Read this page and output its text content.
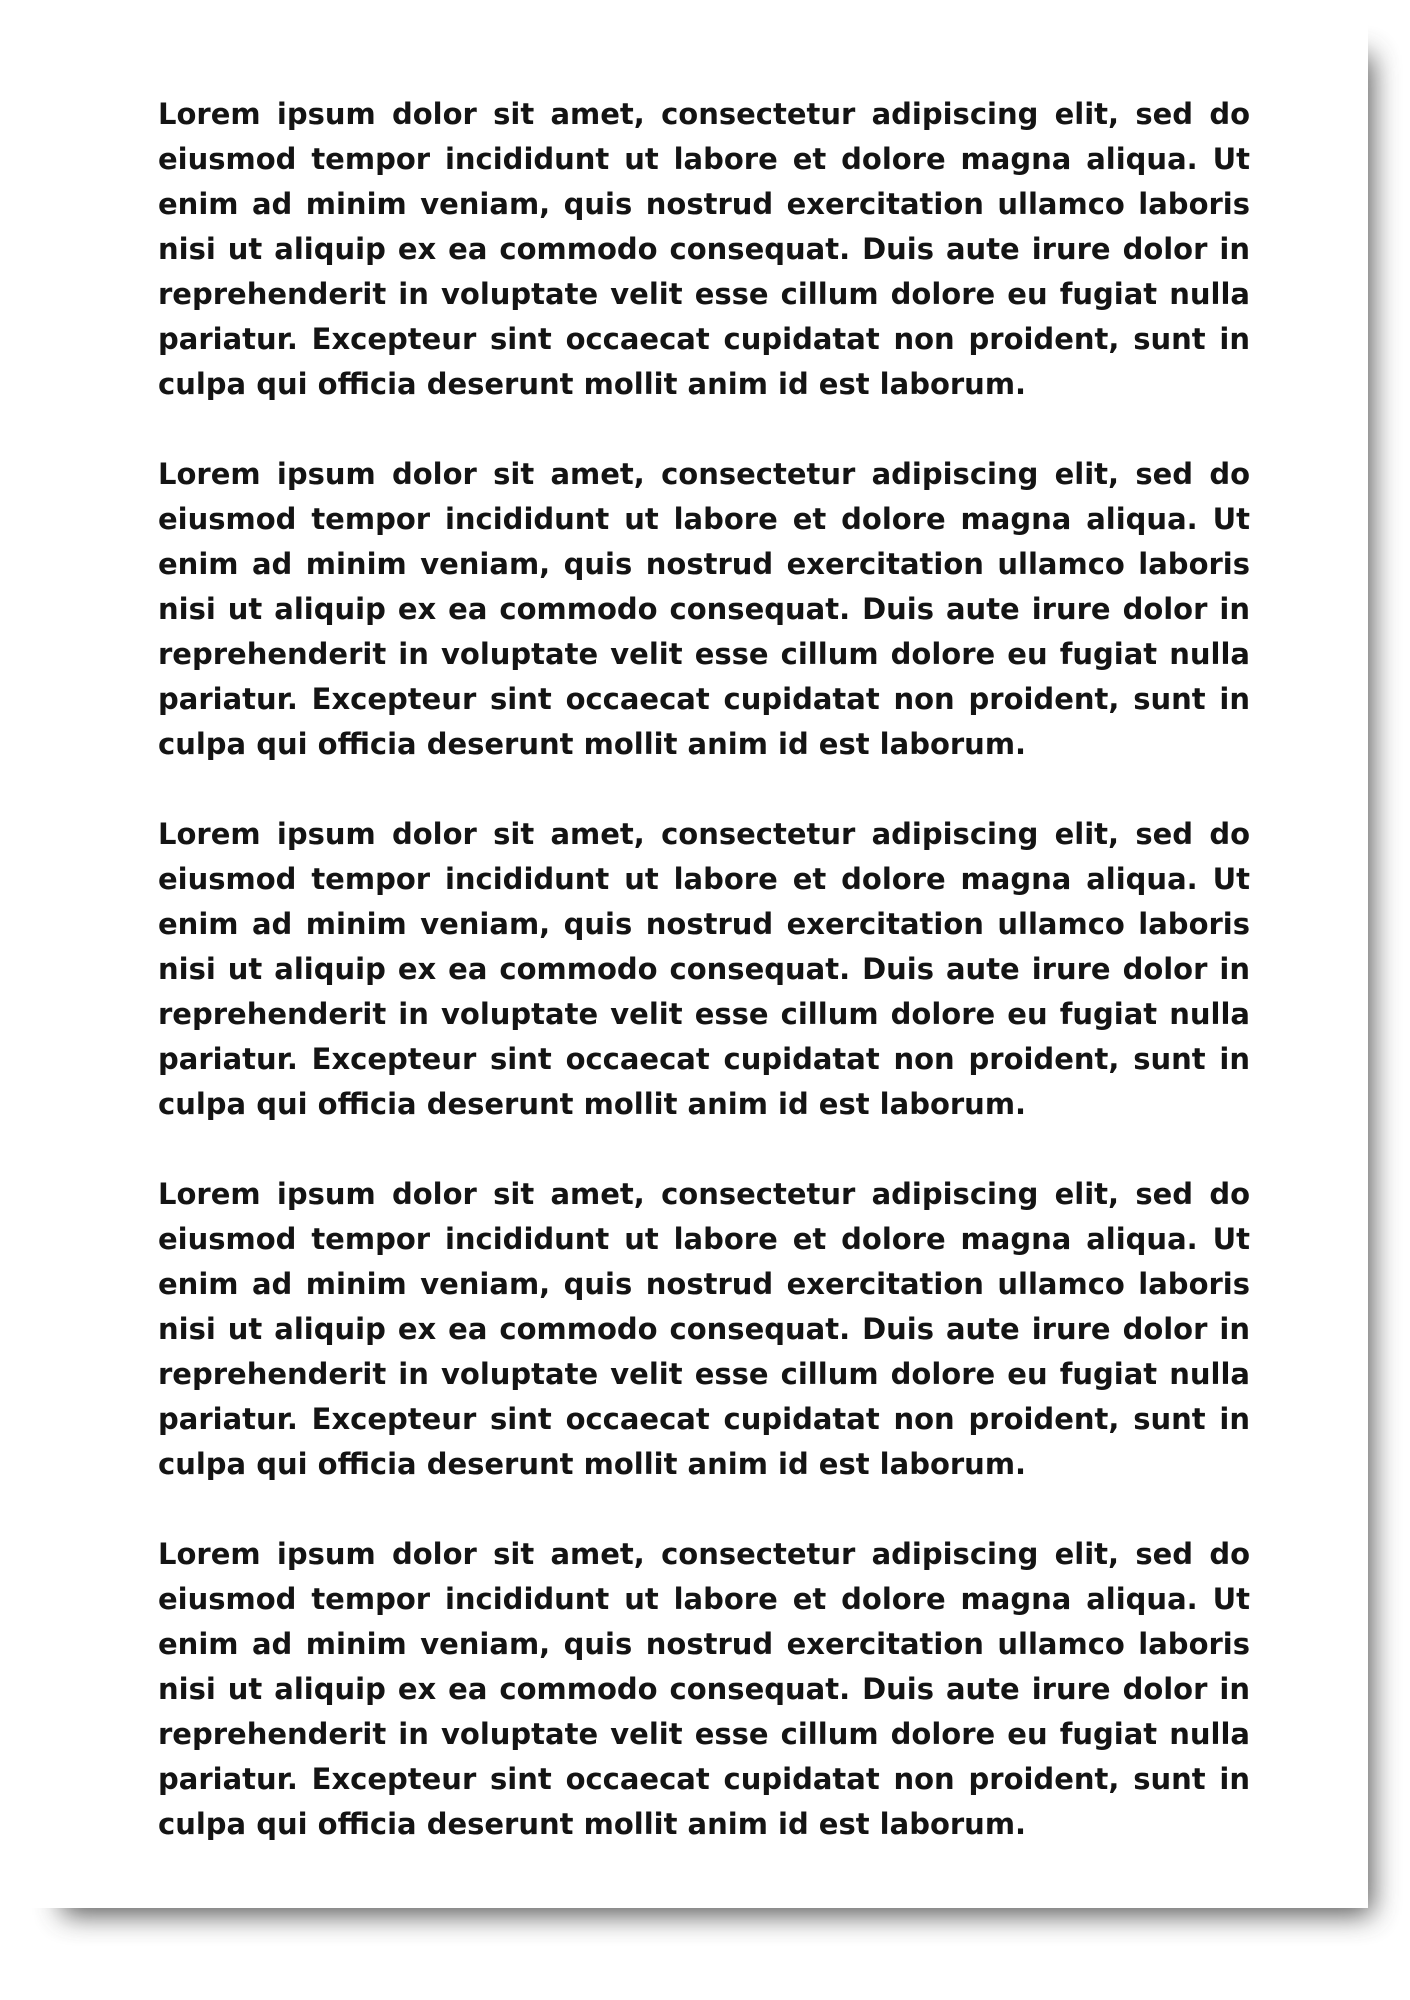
Lorem ipsum dolor sit amet, consectetur adipiscing elit, sed do eiusmod tempor incididunt ut labore et dolore magna aliqua. Ut enim ad minim veniam, quis nostrud exercitation ullamco laboris nisi ut aliquip ex ea commodo consequat. Duis aute irure dolor in reprehenderit in voluptate velit esse cillum dolore eu fugiat nulla pariatur. Excepteur sint occaecat cupidatat non proident, sunt in culpa qui officia deserunt mollit anim id est laborum.

Lorem ipsum dolor sit amet, consectetur adipiscing elit, sed do eiusmod tempor incididunt ut labore et dolore magna aliqua. Ut enim ad minim veniam, quis nostrud exercitation ullamco laboris nisi ut aliquip ex ea commodo consequat. Duis aute irure dolor in reprehenderit in voluptate velit esse cillum dolore eu fugiat nulla pariatur. Excepteur sint occaecat cupidatat non proident, sunt in culpa qui officia deserunt mollit anim id est laborum.

Lorem ipsum dolor sit amet, consectetur adipiscing elit, sed do eiusmod tempor incididunt ut labore et dolore magna aliqua. Ut enim ad minim veniam, quis nostrud exercitation ullamco laboris nisi ut aliquip ex ea commodo consequat. Duis aute irure dolor in reprehenderit in voluptate velit esse cillum dolore eu fugiat nulla pariatur. Excepteur sint occaecat cupidatat non proident, sunt in culpa qui officia deserunt mollit anim id est laborum.

Lorem ipsum dolor sit amet, consectetur adipiscing elit, sed do eiusmod tempor incididunt ut labore et dolore magna aliqua. Ut enim ad minim veniam, quis nostrud exercitation ullamco laboris nisi ut aliquip ex ea commodo consequat. Duis aute irure dolor in reprehenderit in voluptate velit esse cillum dolore eu fugiat nulla pariatur. Excepteur sint occaecat cupidatat non proident, sunt in culpa qui officia deserunt mollit anim id est laborum.

Lorem ipsum dolor sit amet, consectetur adipiscing elit, sed do eiusmod tempor incididunt ut labore et dolore magna aliqua. Ut enim ad minim veniam, quis nostrud exercitation ullamco laboris nisi ut aliquip ex ea commodo consequat. Duis aute irure dolor in reprehenderit in voluptate velit esse cillum dolore eu fugiat nulla pariatur. Excepteur sint occaecat cupidatat non proident, sunt in culpa qui officia deserunt mollit anim id est laborum.
